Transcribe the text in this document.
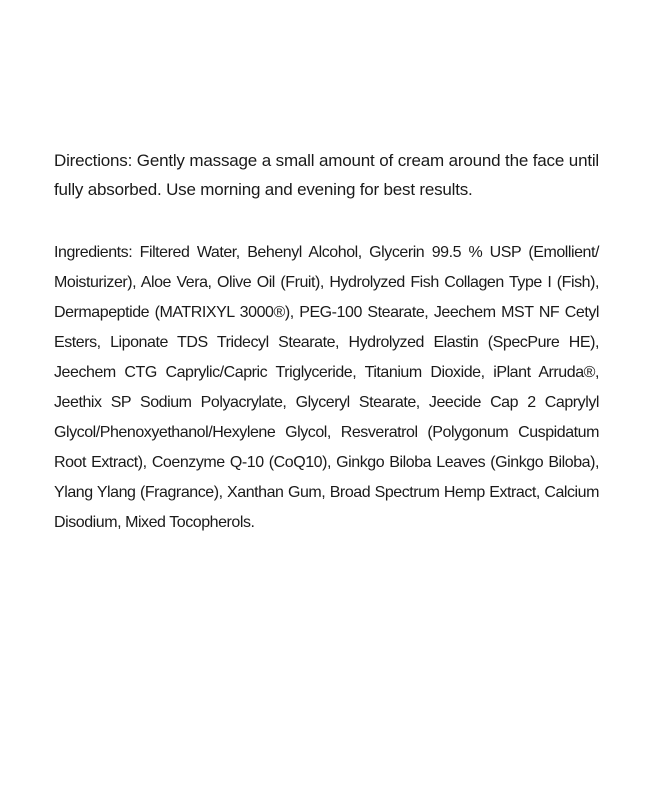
Directions: Gently massage a small amount of cream around the face until fully absorbed. Use morning and evening for best results.

Ingredients: Filtered Water, Behenyl Alcohol, Glycerin 99.5 % USP (Emollient/ Moisturizer), Aloe Vera, Olive Oil (Fruit), Hydrolyzed Fish Collagen Type I (Fish), Dermapeptide (MATRIXYL 3000®), PEG-100 Stearate, Jeechem MST NF Cetyl Esters, Liponate TDS Tridecyl Stearate, Hydrolyzed Elastin (SpecPure HE), Jeechem CTG Caprylic/Capric Triglyceride, Titanium Dioxide, iPlant Arruda®, Jeethix SP Sodium Polyacrylate, Glyceryl Stearate, Jeecide Cap 2 Caprylyl Glycol/Phenoxyethanol/Hexylene Glycol, Resveratrol (Polygonum Cuspidatum Root Extract), Coenzyme Q-10 (CoQ10), Ginkgo Biloba Leaves (Ginkgo Biloba), Ylang Ylang (Fragrance), Xanthan Gum, Broad Spectrum Hemp Extract, Calcium Disodium, Mixed Tocopherols.
